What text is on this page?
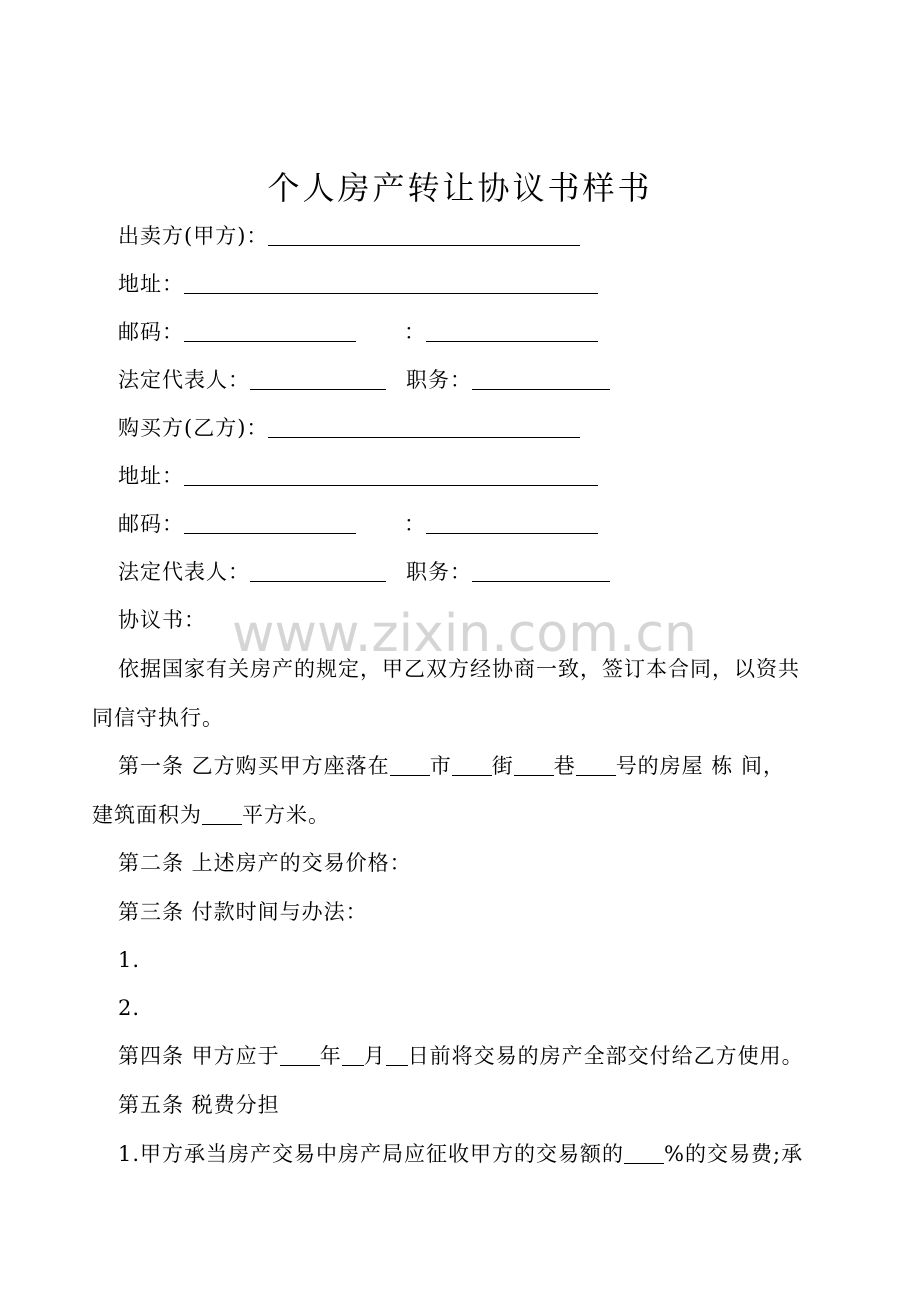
个人房产转让协议书样书
www.zixin.com.cn
出卖方(甲方)：
地址：
邮码：	：
法定代表人：	职务：
购买方(乙方)：
地址：
邮码：	：
法定代表人：	职务：
协议书：
依据国家有关房产的规定，甲乙双方经协商一致，签订本合同，以资共
同信守执行。
第一条 乙方购买甲方座落在 市 街 巷 号的房屋 栋 间，
建筑面积为 平方米。
第二条 上述房产的交易价格：
第三条 付款时间与办法：
1.
2.
第四条 甲方应于 年 月 日前将交易的房产全部交付给乙方使用。
第五条 税费分担
1.甲方承当房产交易中房产局应征收甲方的交易额的 %的交易费;承
